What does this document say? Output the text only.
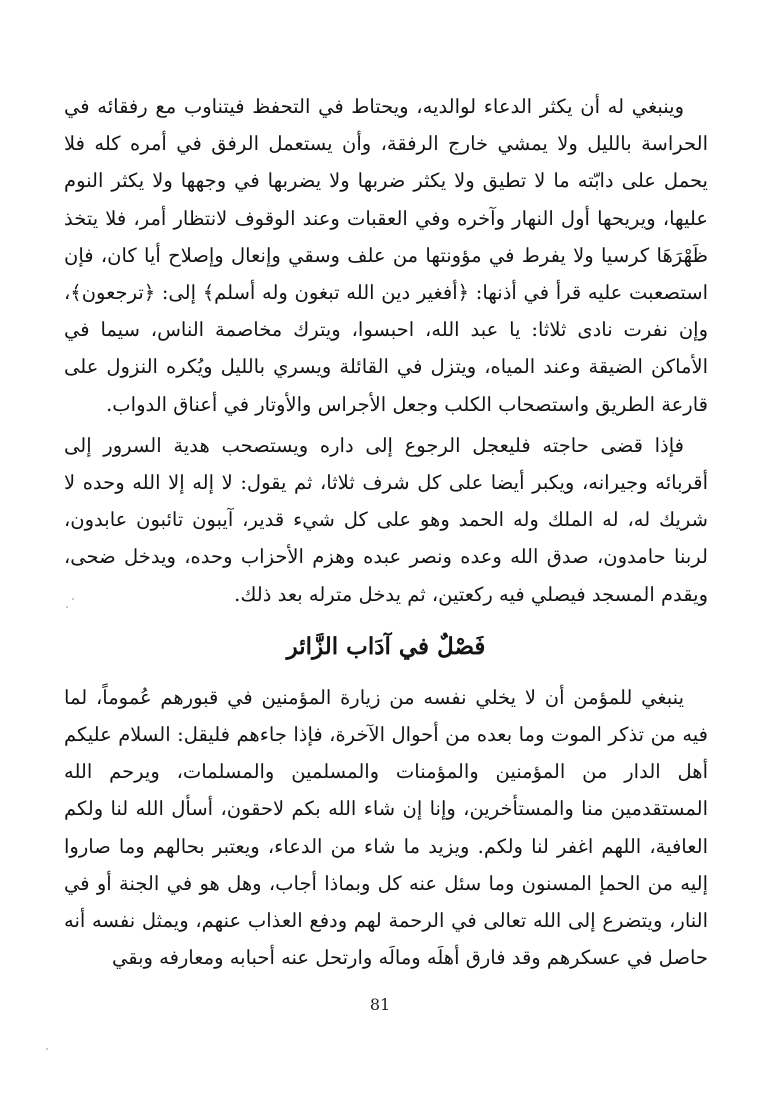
وينبغي له أن يكثر الدعاء لوالديه، ويحتاط في التحفظ فيتناوب مع رفقائه في الحراسة بالليل ولا يمشي خارج الرفقة، وأن يستعمل الرفق في أمره كله فلا يحمل على دابّته ما لا تطيق ولا يكثر ضربها ولا يضربها في وجهها ولا يكثر النوم عليها، ويريحها أول النهار وآخره وفي العقبات وعند الوقوف لانتظار أمر، فلا يتخذ ظَهْرَهَا كرسيا ولا يفرط في مؤونتها من علف وسقي وإنعال وإصلاح أيا كان، فإن استصعبت عليه قرأ في أذنها: ﴿أفغير دين الله تبغون وله أسلم﴾ إلى: ﴿ترجعون﴾، وإن نفرت نادى ثلاثا: يا عبد الله، احبسوا، ويترك مخاصمة الناس، سيما في الأماكن الضيقة وعند المياه، ويتزل في القائلة ويسري بالليل ويُكره النزول على قارعة الطريق واستصحاب الكلب وجعل الأجراس والأوتار في أعناق الدواب.

فإذا قضى حاجته فليعجل الرجوع إلى داره ويستصحب هدية السرور إلى أقربائه وجيرانه، ويكبر أيضا على كل شرف ثلاثا، ثم يقول: لا إله إلا الله وحده لا شريك له، له الملك وله الحمد وهو على كل شيء قدير، آيبون تائبون عابدون، لربنا حامدون، صدق الله وعده ونصر عبده وهزم الأحزاب وحده، ويدخل ضحى، ويقدم المسجد فيصلي فيه ركعتين، ثم يدخل مترله بعد ذلك.

فَصْلٌ في آدَاب الزَّائر

ينبغي للمؤمن أن لا يخلي نفسه من زيارة المؤمنين في قبورهم عُموماً، لما فيه من تذكر الموت وما بعده من أحوال الآخرة، فإذا جاءهم فليقل: السلام عليكم أهل الدار من المؤمنين والمؤمنات والمسلمين والمسلمات، ويرحم الله المستقدمين منا والمستأخرين، وإنا إن شاء الله بكم لاحقون، أسأل الله لنا ولكم العافية، اللهم اغفر لنا ولكم. ويزيد ما شاء من الدعاء، ويعتبر بحالهم وما صاروا إليه من الحمإ المسنون وما سئل عنه كل وبماذا أجاب، وهل هو في الجنة أو في النار، ويتضرع إلى الله تعالى في الرحمة لهم ودفع العذاب عنهم، ويمثل نفسه أنه حاصل في عسكرهم وقد فارق أهلَه ومالَه وارتحل عنه أحبابه ومعارفه وبقي

81
